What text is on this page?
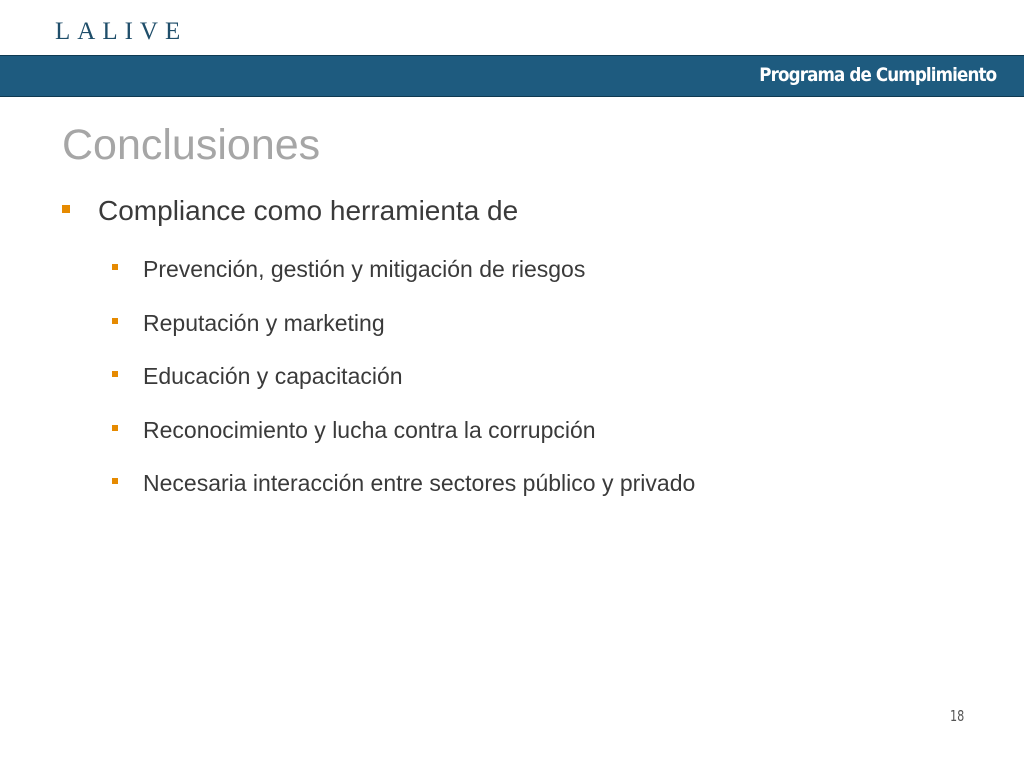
LALIVE
Programa de Cumplimiento
Conclusiones
Compliance como herramienta de
Prevención, gestión y mitigación de riesgos
Reputación y marketing
Educación y capacitación
Reconocimiento y lucha contra la corrupción
Necesaria interacción entre sectores público y privado
18
